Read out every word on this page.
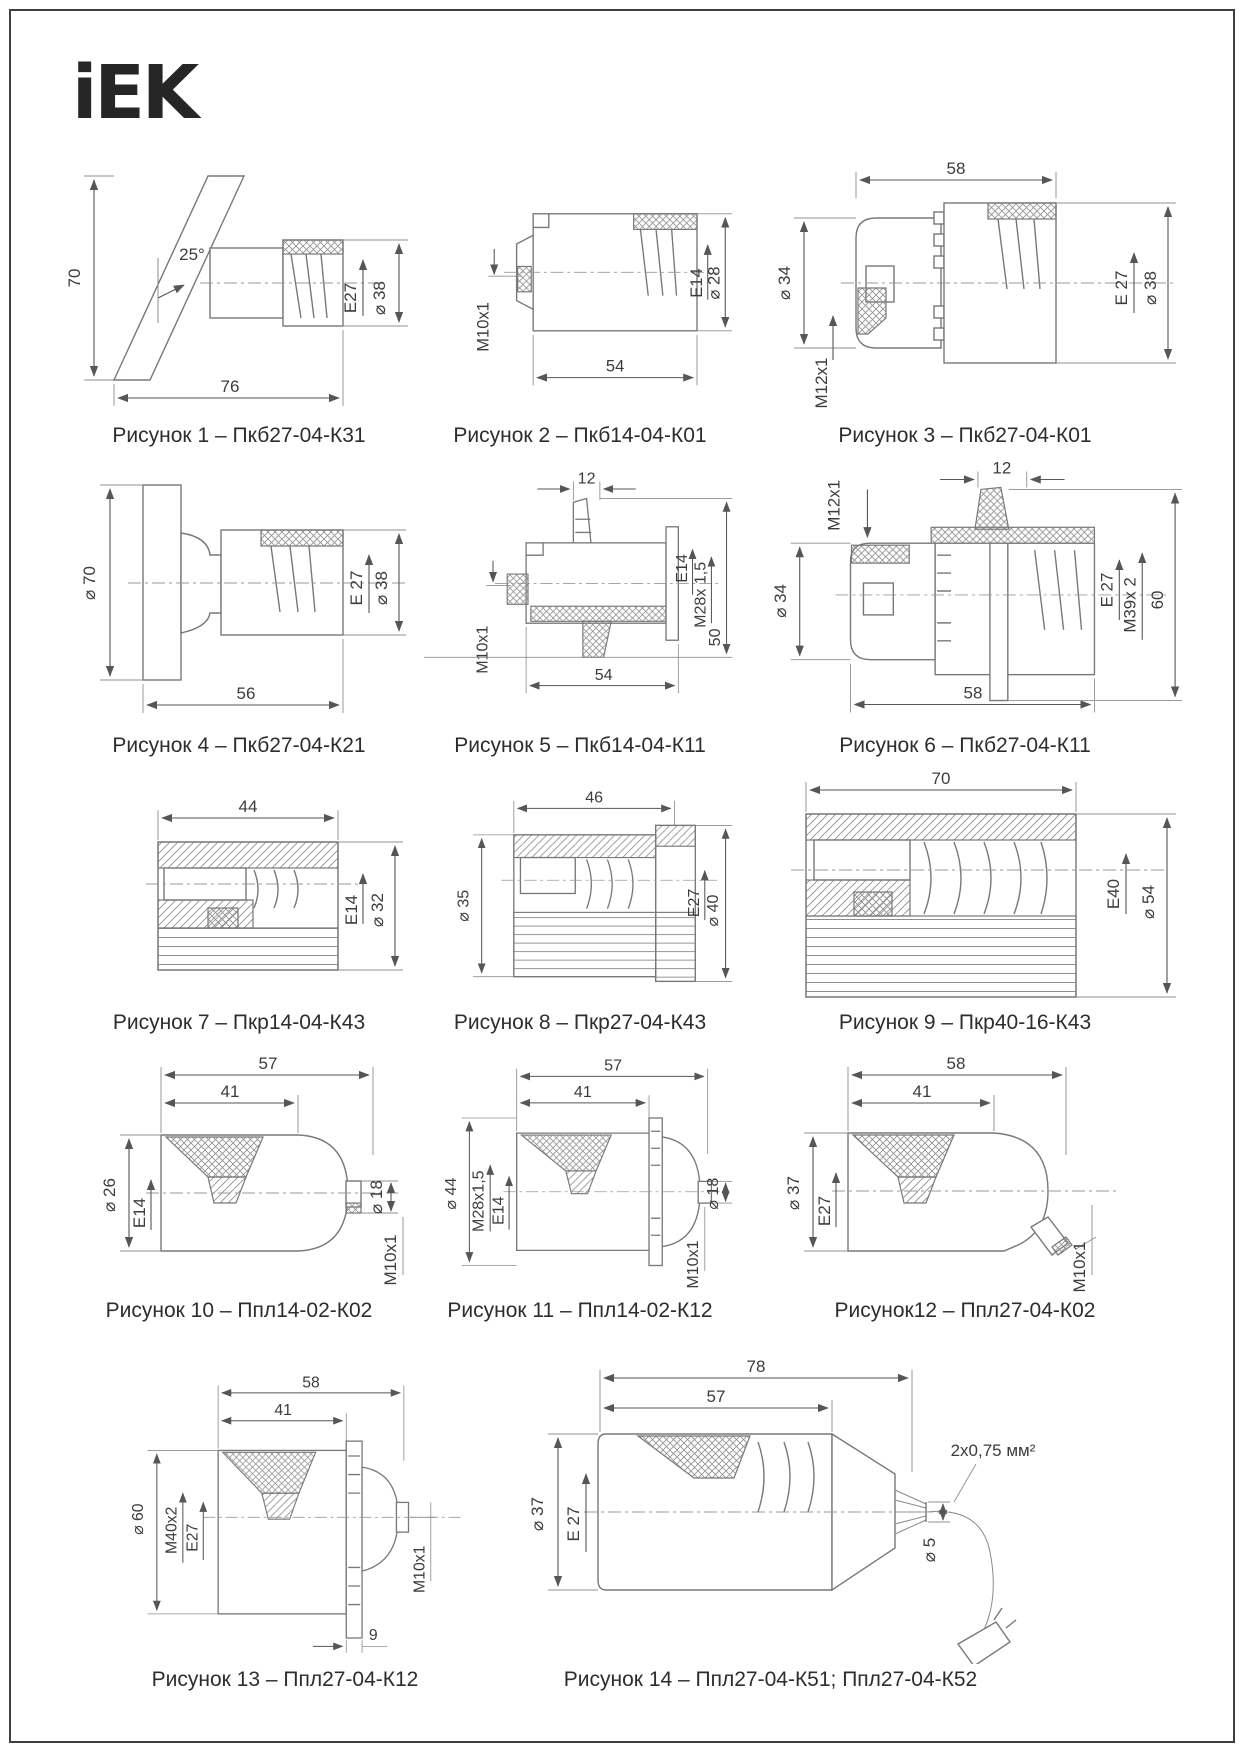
iEK
70
25°
E27 ⌀ 38
76
Рисунок 1 – Пкб27-04-К31
M10x1
54
E14
⌀ 28
Рисунок 2 – Пкб14-04-К01
58
⌀ 34
M12x1
E 27 ⌀ 38
Рисунок 3 – Пкб27-04-К01
⌀ 70
56
E 27 ⌀ 38
Рисунок 4 – Пкб27-04-К21
12
M10x1
54
E14 M28x 1,5
50
Рисунок 5 – Пкб14-04-К11
12
M12x1
⌀ 34
58
E 27 M39x 2 60
Рисунок 6 – Пкб27-04-К11
44
E14 ⌀ 32
Рисунок 7 – Пкр14-04-К43
46
⌀ 35	E27 ⌀ 40
Рисунок 8 – Пкр27-04-К43
70
E40 ⌀ 54
Рисунок 9 – Пкр40-16-К43
57
41
⌀ 26
E14	⌀ 18
M10x1
Рисунок 10 – Ппл14-02-К02
57
41
⌀ 44 M28x1,5 E14
⌀ 18
M10x1
Рисунок 11 – Ппл14-02-К12
58
41
⌀ 37
E27
M10x1
Рисунок12 – Ппл27-04-К02
58
41
⌀ 60 M40x2 E27
M10x1
9
Рисунок 13 – Ппл27-04-К12
78
57
⌀ 37 E 27
⌀ 5
2х0,75 мм²
Рисунок 14 – Ппл27-04-К51; Ппл27-04-К52
